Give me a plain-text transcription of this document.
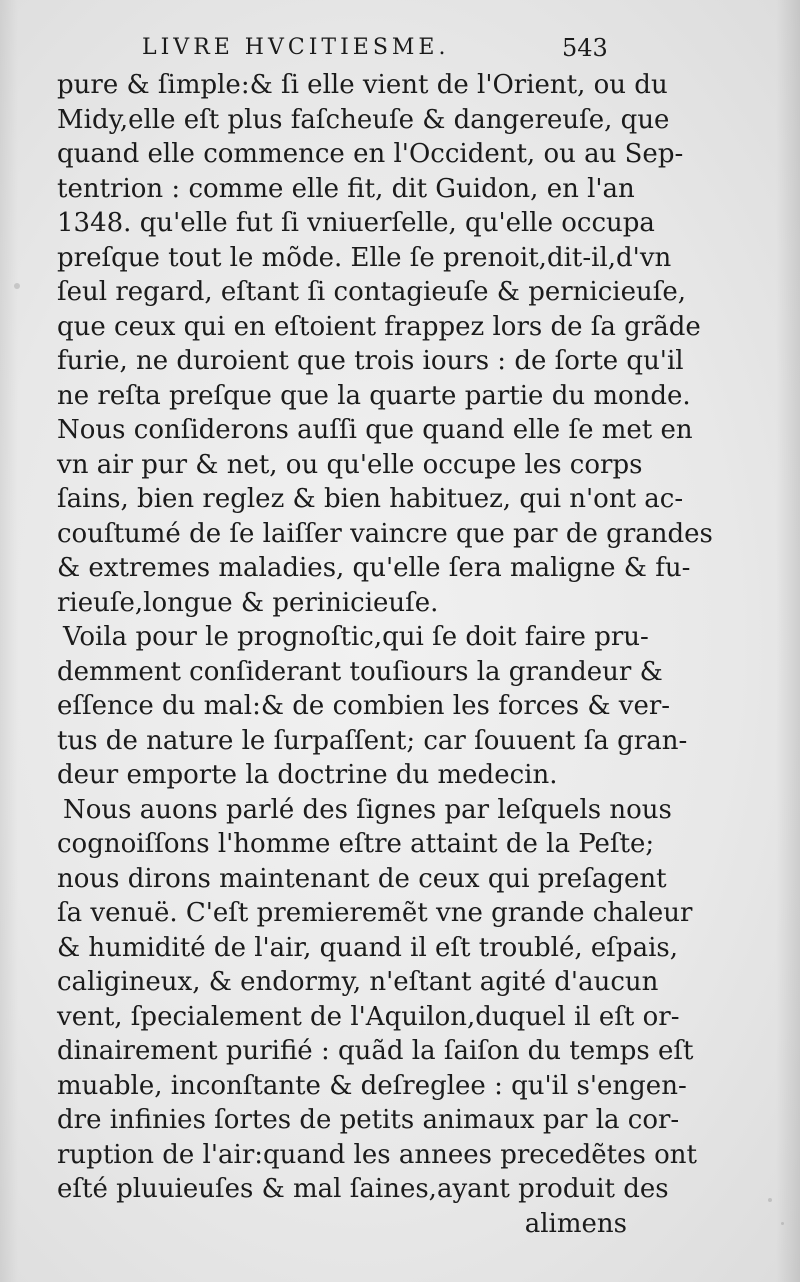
LIVRE HVCITIESME.	543
pure & ſimple:& ſi elle vient de l'Orient, ou du
Midy,elle eſt plus faſcheuſe & dangereuſe, que
quand elle commence en l'Occident, ou au Sep-
tentrion : comme elle fit, dit Guidon, en l'an
1348. qu'elle fut ſi vniuerſelle, qu'elle occupa
preſque tout le mõde. Elle ſe prenoit,dit-il,d'vn
ſeul regard, eſtant ſi contagieuſe & pernicieuſe,
que ceux qui en eſtoient frappez lors de ſa grãde
furie, ne duroient que trois iours : de ſorte qu'il
ne reſta preſque que la quarte partie du monde.
Nous conſiderons auſſi que quand elle ſe met en
vn air pur & net, ou qu'elle occupe les corps
ſains, bien reglez & bien habituez, qui n'ont ac-
couſtumé de ſe laiſſer vaincre que par de grandes
& extremes maladies, qu'elle ſera maligne & fu-
rieuſe,longue & perinicieuſe.
Voila pour le prognoſtic,qui ſe doit faire pru-
demment conſiderant touſiours la grandeur &
eſſence du mal:& de combien les forces & ver-
tus de nature le ſurpaſſent; car ſouuent ſa gran-
deur emporte la doctrine du medecin.
Nous auons parlé des ſignes par leſquels nous
cognoiſſons l'homme eſtre attaint de la Peſte;
nous dirons maintenant de ceux qui preſagent
ſa venuë. C'eſt premieremẽt vne grande chaleur
& humidité de l'air, quand il eſt troublé, eſpais,
caligineux, & endormy, n'eſtant agité d'aucun
vent, ſpecialement de l'Aquilon,duquel il eſt or-
dinairement purifié : quãd la ſaiſon du temps eſt
muable, inconſtante & deſreglee : qu'il s'engen-
dre infinies ſortes de petits animaux par la cor-
ruption de l'air:quand les annees precedẽtes ont
eſté pluuieuſes & mal ſaines,ayant produit des
alimens
